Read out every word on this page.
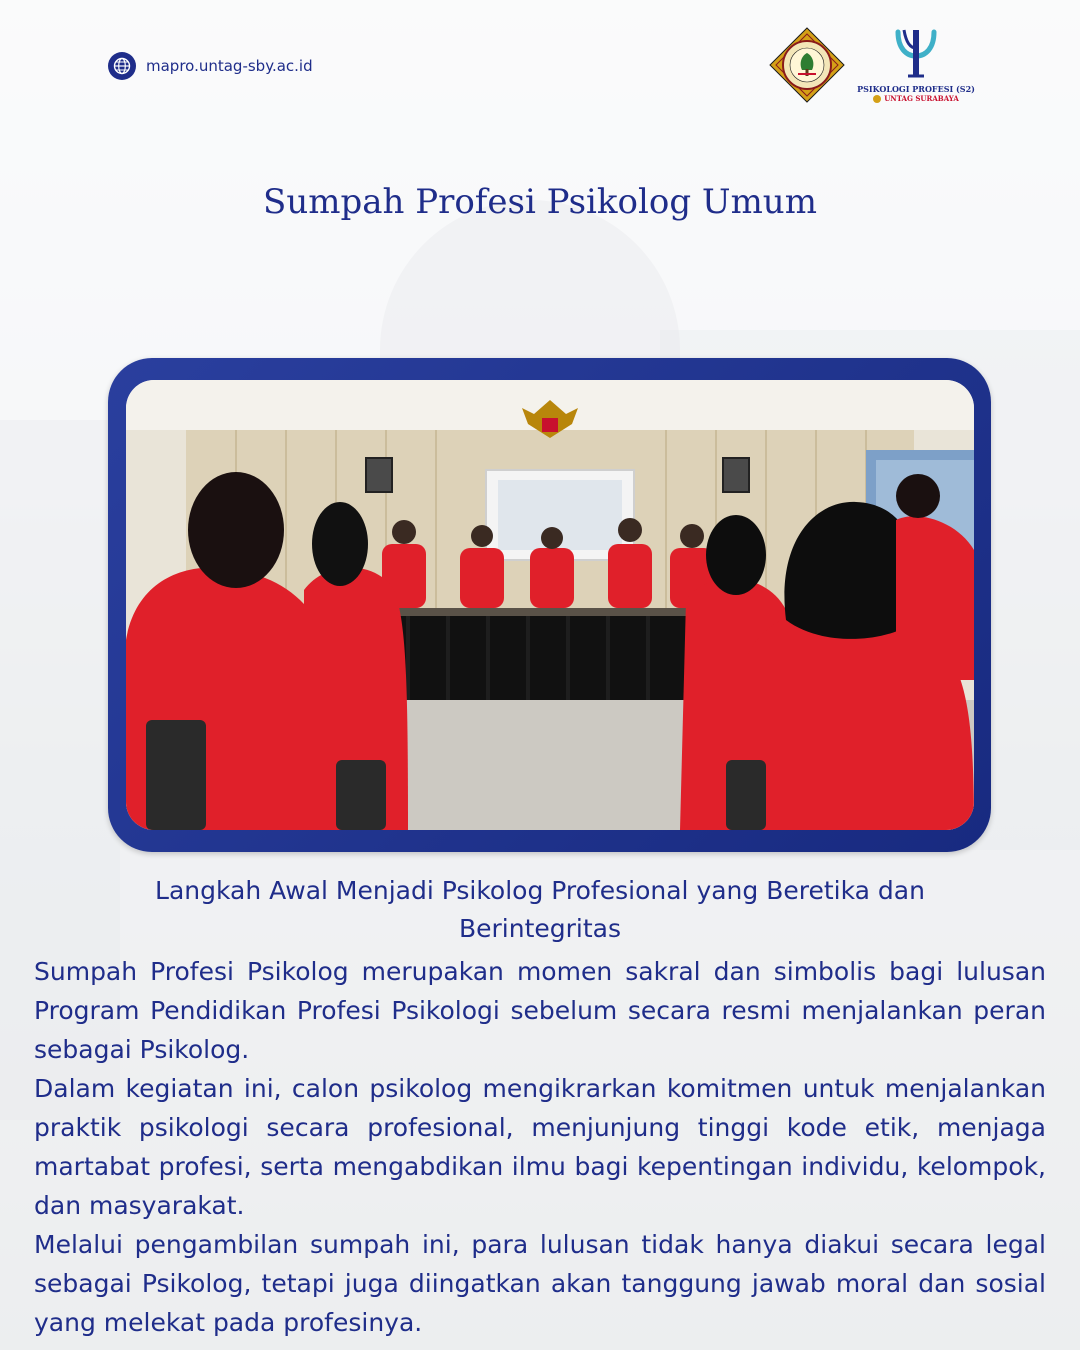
mapro.untag-sby.ac.id
PSIKOLOGI PROFESI (S2)
UNTAG SURABAYA
Sumpah Profesi Psikolog Umum
Langkah Awal Menjadi Psikolog Profesional yang Beretika dan Berintegritas

Sumpah Profesi Psikolog merupakan momen sakral dan simbolis bagi lulusan Program Pendidikan Profesi Psikologi sebelum secara resmi menjalankan peran sebagai Psikolog.

Dalam kegiatan ini, calon psikolog mengikrarkan komitmen untuk menjalankan praktik psikologi secara profesional, menjunjung tinggi kode etik, menjaga martabat profesi, serta mengabdikan ilmu bagi kepentingan individu, kelompok, dan masyarakat.

Melalui pengambilan sumpah ini, para lulusan tidak hanya diakui secara legal sebagai Psikolog, tetapi juga diingatkan akan tanggung jawab moral dan sosial yang melekat pada profesinya.
